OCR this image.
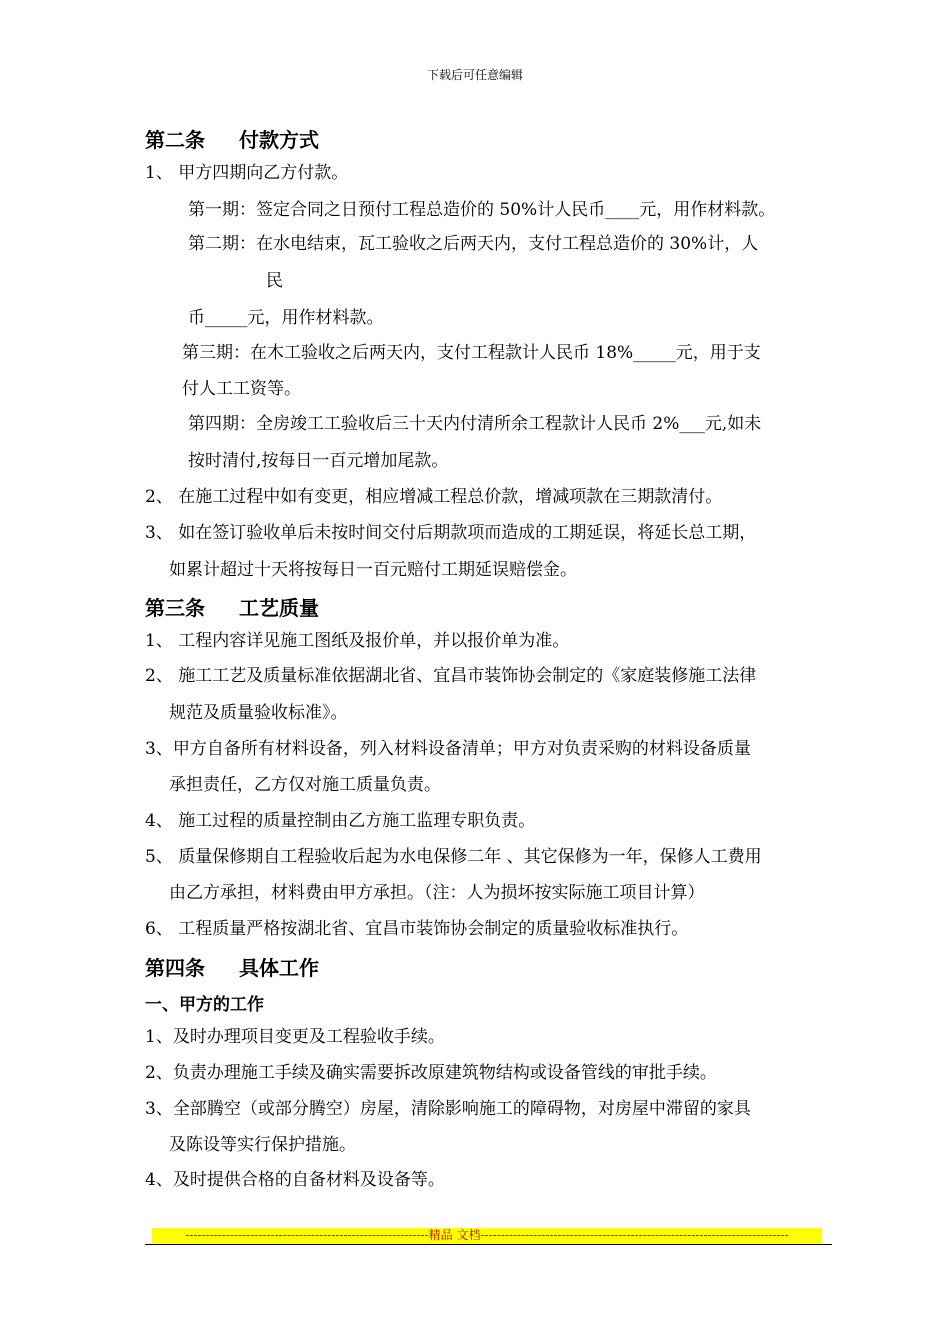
下载后可任意编辑
第二条 付款方式
1、 甲方四期向乙方付款。
第一期：签定合同之日预付工程总造价的 50%计人民币____元，用作材料款。
第二期：在水电结束，瓦工验收之后两天内，支付工程总造价的 30%计，人
民
币_____元，用作材料款。
第三期：在木工验收之后两天内，支付工程款计人民币 18%_____元，用于支
付人工工资等。
第四期：全房竣工工验收后三十天内付清所余工程款计人民币 2%___元,如未
按时清付,按每日一百元增加尾款。
2、 在施工过程中如有变更，相应增减工程总价款，增减项款在三期款清付。
3、 如在签订验收单后未按时间交付后期款项而造成的工期延误，将延长总工期，
如累计超过十天将按每日一百元赔付工期延误赔偿金。
第三条 工艺质量
1、 工程内容详见施工图纸及报价单，并以报价单为准。
2、 施工工艺及质量标准依据湖北省、宜昌市装饰协会制定的《家庭装修施工法律
规范及质量验收标准》。
3、甲方自备所有材料设备，列入材料设备清单；甲方对负责采购的材料设备质量
承担责任，乙方仅对施工质量负责。
4、 施工过程的质量控制由乙方施工监理专职负责。
5、 质量保修期自工程验收后起为水电保修二年 、其它保修为一年，保修人工费用
由乙方承担，材料费由甲方承担。（注：人为损坏按实际施工项目计算）
6、 工程质量严格按湖北省、宜昌市装饰协会制定的质量验收标准执行。
第四条 具体工作
一、甲方的工作
1、及时办理项目变更及工程验收手续。
2、负责办理施工手续及确实需要拆改原建筑物结构或设备管线的审批手续。
3、全部腾空（或部分腾空）房屋，清除影响施工的障碍物，对房屋中滞留的家具
及陈设等实行保护措施。
4、及时提供合格的自备材料及设备等。
------------------------------------------------------------精品 文档----------------------------------------------------------------------------
